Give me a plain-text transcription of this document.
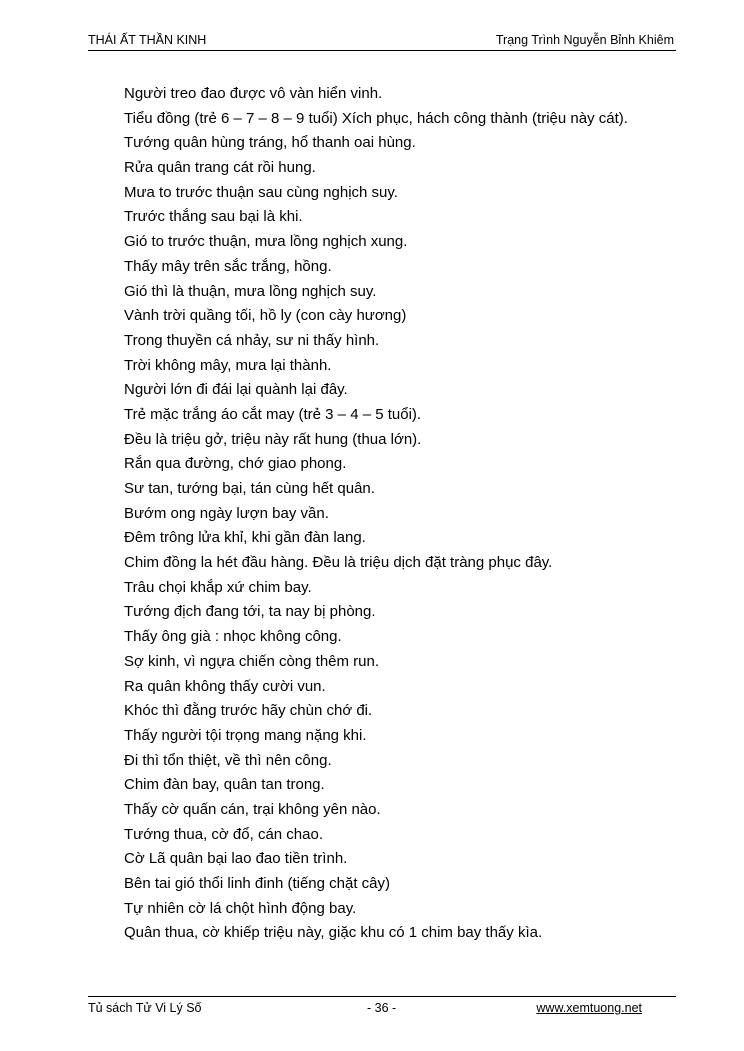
THÁI ẤT THẦN KINH	Trạng Trình Nguyễn Bỉnh Khiêm
Người treo đao được vô vàn hiển vinh.
Tiểu đồng (trẻ 6 – 7 – 8 – 9 tuổi) Xích phục, hách công thành (triệu này cát).
Tướng quân hùng tráng, hổ thanh oai hùng.
Rửa quân trang cát rồi hung.
Mưa to trước thuận sau cùng nghịch suy.
Trước thắng sau bại là khi.
Gió to trước thuận, mưa lồng nghịch xung.
Thấy mây trên sắc trắng, hồng.
Gió thì là thuận, mưa lồng nghịch suy.
Vành trời quầng tối, hồ ly (con cày hương)
Trong thuyền cá nhảy, sư ni thấy hình.
Trời không mây, mưa lại thành.
Người lớn đi đái lại quành lại đây.
Trẻ mặc trắng áo cắt may (trẻ 3 – 4 – 5 tuổi).
Đều là triệu gở, triệu này rất hung (thua lớn).
Rắn qua đường, chớ giao phong.
Sư tan, tướng bại, tán cùng hết quân.
Bướm ong ngày lượn bay vần.
Đêm trông lửa khỉ, khi gần đàn lang.
Chim đồng la hét đầu hàng. Đều là triệu dịch đặt tràng phục đây.
Trâu chọi khắp xứ chim bay.
Tướng địch đang tới, ta nay bị phòng.
Thấy ông già : nhọc không công.
Sợ kinh, vì ngựa chiến còng thêm run.
Ra quân không thấy cười vun.
Khóc thì đằng trước hãy chùn chớ đi.
Thấy người tội trọng mang nặng khi.
Đi thì tổn thiệt, về thì nên công.
Chim đàn bay, quân tan trong.
Thấy cờ quấn cán, trại không yên nào.
Tướng thua, cờ đổ, cán chao.
Cờ Lã quân bại lao đao tiền trình.
Bên tai gió thổi linh đinh (tiếng chặt cây)
Tự nhiên cờ lá chột hình động bay.
Quân thua, cờ khiếp triệu này, giặc khu có 1 chim bay thấy kìa.
Tủ sách Tử Vi Lý Số	- 36 -	www.xemtuong.net
